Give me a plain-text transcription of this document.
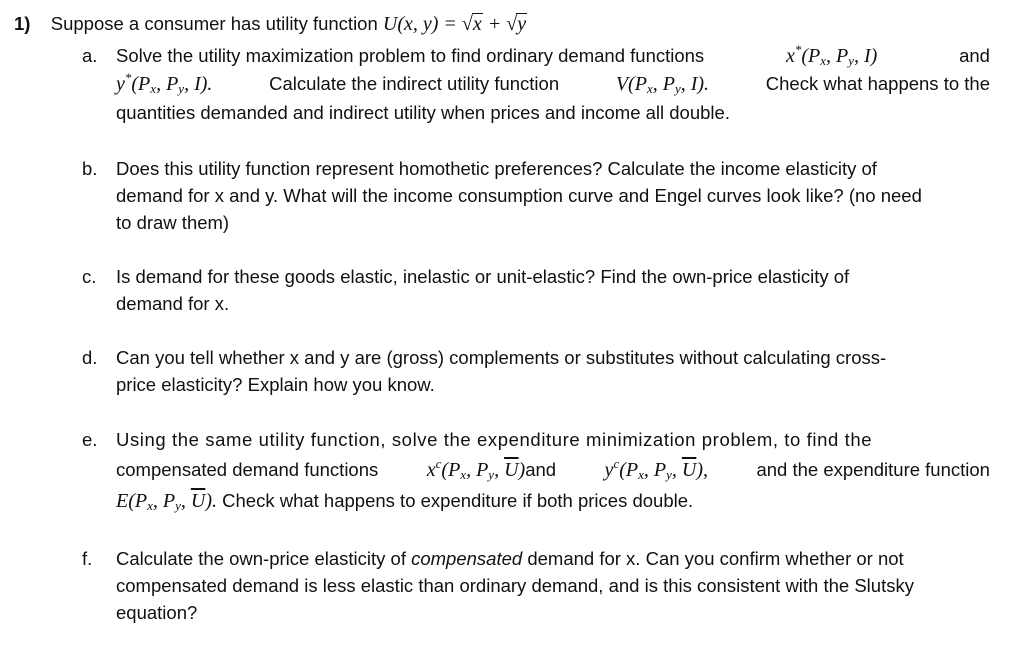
1) Suppose a consumer has utility function U(x, y) = √x + √y
a. Solve the utility maximization problem to find ordinary demand functions	$x^*(P_x$, $P_y$, I)	and
$y^*(P_x$, $P_y$, I).	Calculate the indirect utility function	$V(P_x$, $P_y$, I).	Check what happens to the
quantities demanded and indirect utility when prices and income all double.
b. Does this utility function represent homothetic preferences? Calculate the income elasticity of
demand for x and y. What will the income consumption curve and Engel curves look like? (no need
to draw them)
c. Is demand for these goods elastic, inelastic or unit-elastic? Find the own-price elasticity of
demand for x.
d. Can you tell whether x and y are (gross) complements or substitutes without calculating cross-
price elasticity? Explain how you know.
e. Using the same utility function, solve the expenditure minimization problem, to find the
compensated demand functions $x^c(P_x$, $P_y$, $\overline{U})and$ $y^c(P_x$, $P_y$, $\overline{U}$),	and the expenditure function
$E(P_x$, $P_y$, $\overline{U}$). Check what happens to expenditure if both prices double.
f. Calculate the own-price elasticity of compensated demand for x. Can you confirm whether or not
compensated demand is less elastic than ordinary demand, and is this consistent with the Slutsky
equation?
